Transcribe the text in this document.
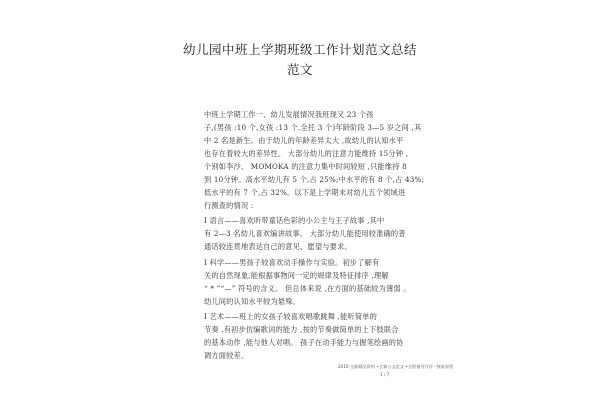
幼儿园中班上学期班级工作计划范文总结
范文
中班上学期工作一、幼儿发展情况我班现又 23 个孩
子,(男孩 :10 个,女孩 :13 个,全托 3 个)年龄阶段 3—5 岁之间 ,其
中 2 名是新生。由于幼儿的年龄差异太大 ,故幼儿的认知水平
也存在着较大的差异性。 大部分幼儿的注意力能维持 15分钟 ,
个别如李沙、 MOMOKA 的注意力集中时间较短 ,只能维持 8
到 10分钟。高水平幼儿有 5 个,占 25%;中水平的有 8 个,占 43%;
低水平的有 7 个,占 32%。以下是上学期末对幼儿五个领域进
行测查的情况 :
Ⅰ 语言——喜欢听带童话色彩的小公主与王子故事 ,其中
有 2—3 名幼儿喜欢编讲故事。 大部分幼儿能使用较准确的普
通话较连贯地表达自己的意见、愿望与要求。
Ⅰ 科学——男孩子较喜欢动手操作与实验。初步了解有
关的自然现象,能根据事物间一定的规律及特征排序 ,理解
“ * ”“—” 符号的含义。 但总体来说 ,在方面的基础较为薄弱 。
幼儿间的认知水平较为悬殊。
Ⅰ 艺术——班上的女孩子较喜欢唱歌跳舞 ,能听简单的
节奏 ,有初步仿编歌词的能力 ,按的节奏做简单的上下肢联合
的基本动作 ,能与他人对唱。 孩子在动手能力与握笔绘画的协
调方面较差。
2016 全新精品资料 •全新公文范文 •全程指导写作 –独家原创
1 / 7
